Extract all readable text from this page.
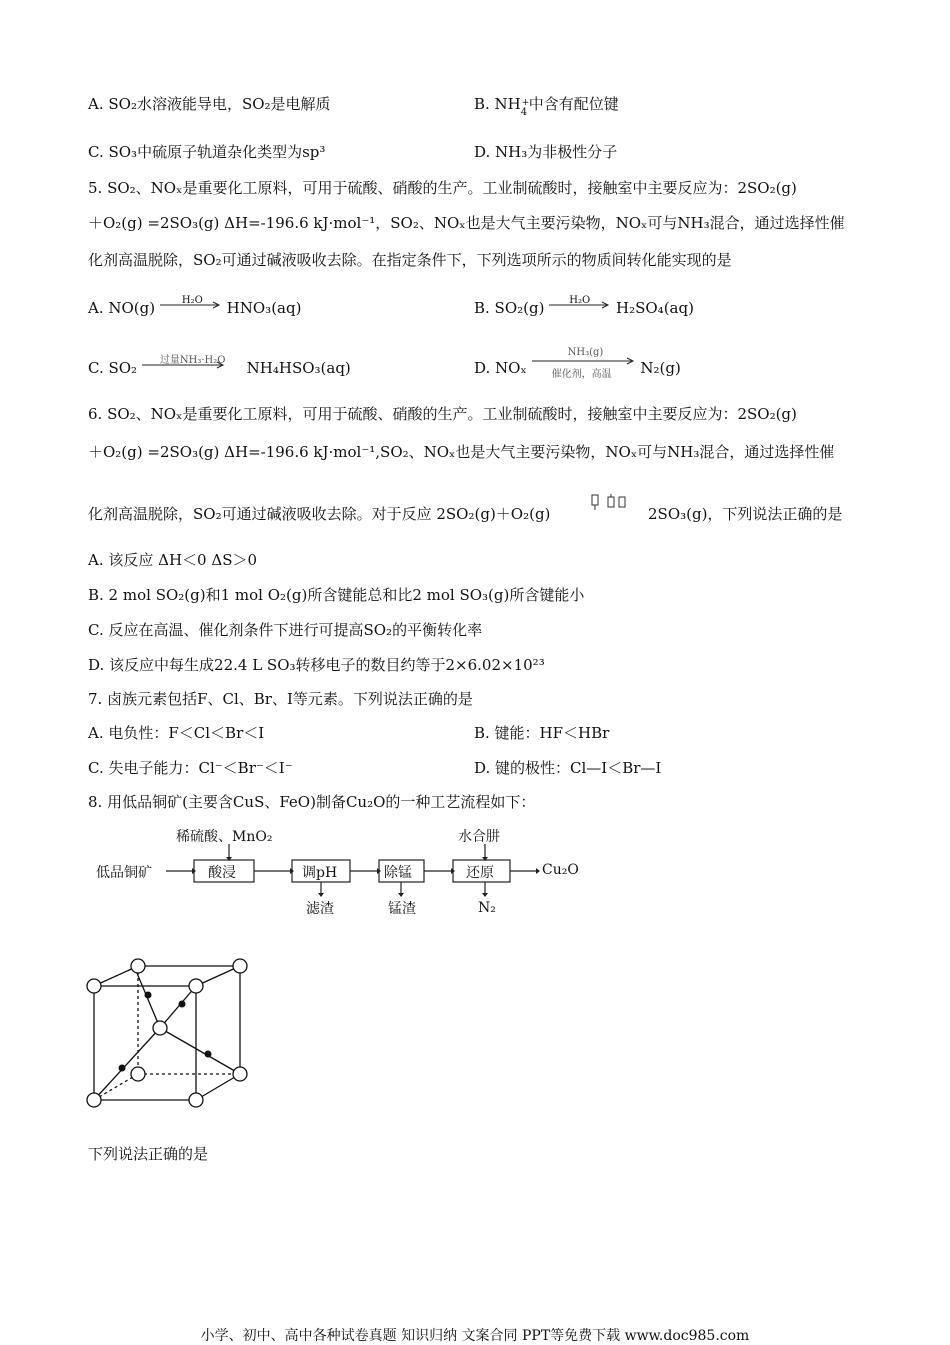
A. SO₂水溶液能导电，SO₂是电解质	B. NH +
4 中含有配位键
C. SO₃中硫原子轨道杂化类型为sp³	D. NH₃为非极性分子
5. SO₂、NOₓ是重要化工原料，可用于硫酸、硝酸的生产。工业制硫酸时，接触室中主要反应为：2SO₂(g)
＋O₂(g) =2SO₃(g) ΔH=-196.6 kJ·mol⁻¹，SO₂、NOₓ也是大气主要污染物，NOₓ可与NH₃混合，通过选择性催
化剂高温脱除，SO₂可通过碱液吸收去除。在指定条件下，下列选项所示的物质间转化能实现的是
A. NO(g)	H₂O HNO₃(aq)	B. SO₂(g) H₂O H₂SO₄(aq)
C. SO₂ 过量NH₃·H₂O NH₄HSO₃(aq)	D. NOₓ
NH₃(g)
催化剂，高温 N₂(g)
6. SO₂、NOₓ是重要化工原料，可用于硫酸、硝酸的生产。工业制硫酸时，接触室中主要反应为：2SO₂(g)
＋O₂(g) =2SO₃(g) ΔH=-196.6 kJ·mol⁻¹,SO₂、NOₓ也是大气主要污染物，NOₓ可与NH₃混合，通过选择性催
化剂高温脱除，SO₂可通过碱液吸收去除。对于反应 2SO₂(g)＋O₂(g)	2SO₃(g)，下列说法正确的是
A. 该反应 ΔH＜0 ΔS＞0
B. 2 mol SO₂(g)和1 mol O₂(g)所含键能总和比2 mol SO₃(g)所含键能小
C. 反应在高温、催化剂条件下进行可提高SO₂的平衡转化率
D. 该反应中每生成22.4 L SO₃转移电子的数目约等于2×6.02×10²³
7. 卤族元素包括F、Cl、Br、I等元素。下列说法正确的是
A. 电负性：F＜Cl＜Br＜I	B. 键能：HF＜HBr
C. 失电子能力：Cl⁻＜Br⁻＜I⁻	D. 键的极性：Cl—I＜Br—I
8. 用低品铜矿(主要含CuS、FeO)制备Cu₂O的一种工艺流程如下：
低品铜矿
稀硫酸、MnO₂
酸浸	调pH	除锰	还原
水合肼
滤渣	锰渣	N₂
Cu₂O
下列说法正确的是
小学、初中、高中各种试卷真题 知识归纳 文案合同 PPT等免费下载 www.doc985.com
